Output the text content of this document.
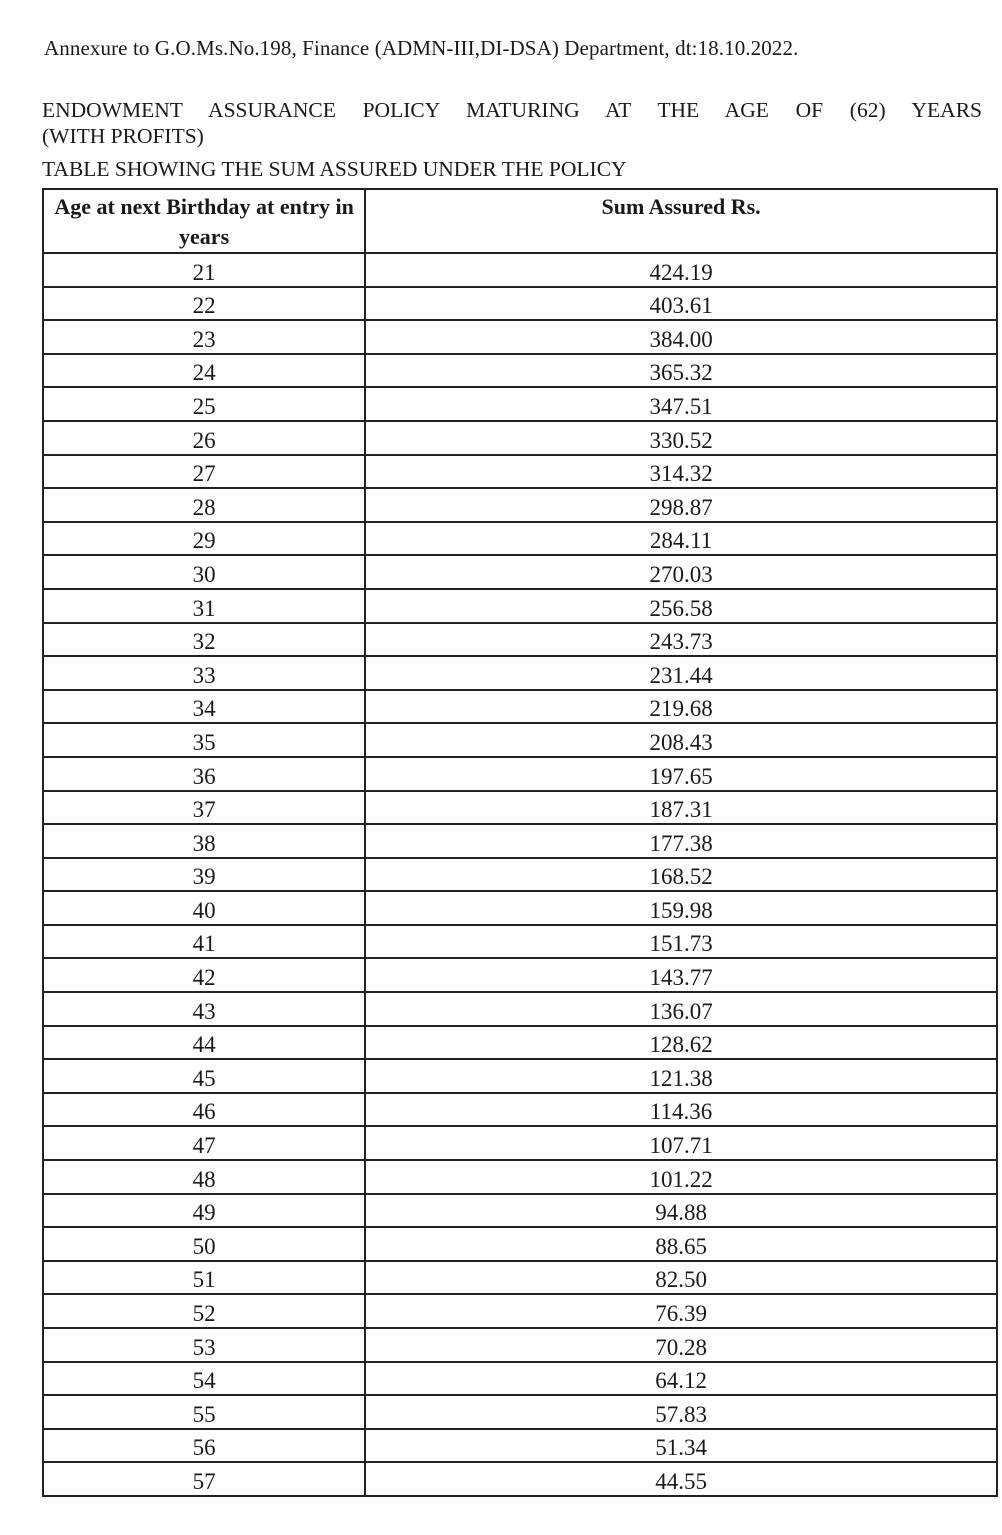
Annexure to G.O.Ms.No.198, Finance (ADMN-III,DI-DSA) Department, dt:18.10.2022.
ENDOWMENT ASSURANCE POLICY MATURING AT THE AGE OF (62) YEARS
(WITH PROFITS)
TABLE SHOWING THE SUM ASSURED UNDER THE POLICY
Age at next Birthday at entry in years	Sum Assured Rs.
21	424.19
22	403.61
23	384.00
24	365.32
25	347.51
26	330.52
27	314.32
28	298.87
29	284.11
30	270.03
31	256.58
32	243.73
33	231.44
34	219.68
35	208.43
36	197.65
37	187.31
38	177.38
39	168.52
40	159.98
41	151.73
42	143.77
43	136.07
44	128.62
45	121.38
46	114.36
47	107.71
48	101.22
49	94.88
50	88.65
51	82.50
52	76.39
53	70.28
54	64.12
55	57.83
56	51.34
57	44.55
